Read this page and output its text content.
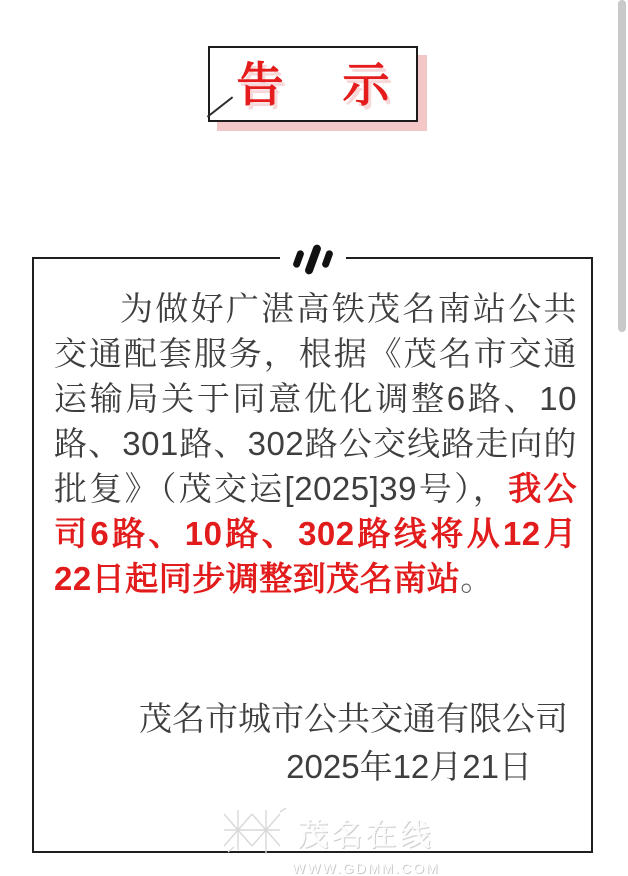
告　示

为做好广湛高铁茂名南站公共交通配套服务，根据《茂名市交通运输局关于同意优化调整6路、10路、301路、302路公交线路走向的批复》（茂交运[2025]39号），我公司6路、10路、302路线将从12月22日起同步调整到茂名南站。

茂名市城市公共交通有限公司
2025年12月21日
茂名在线
WWW.GDMM.COM
